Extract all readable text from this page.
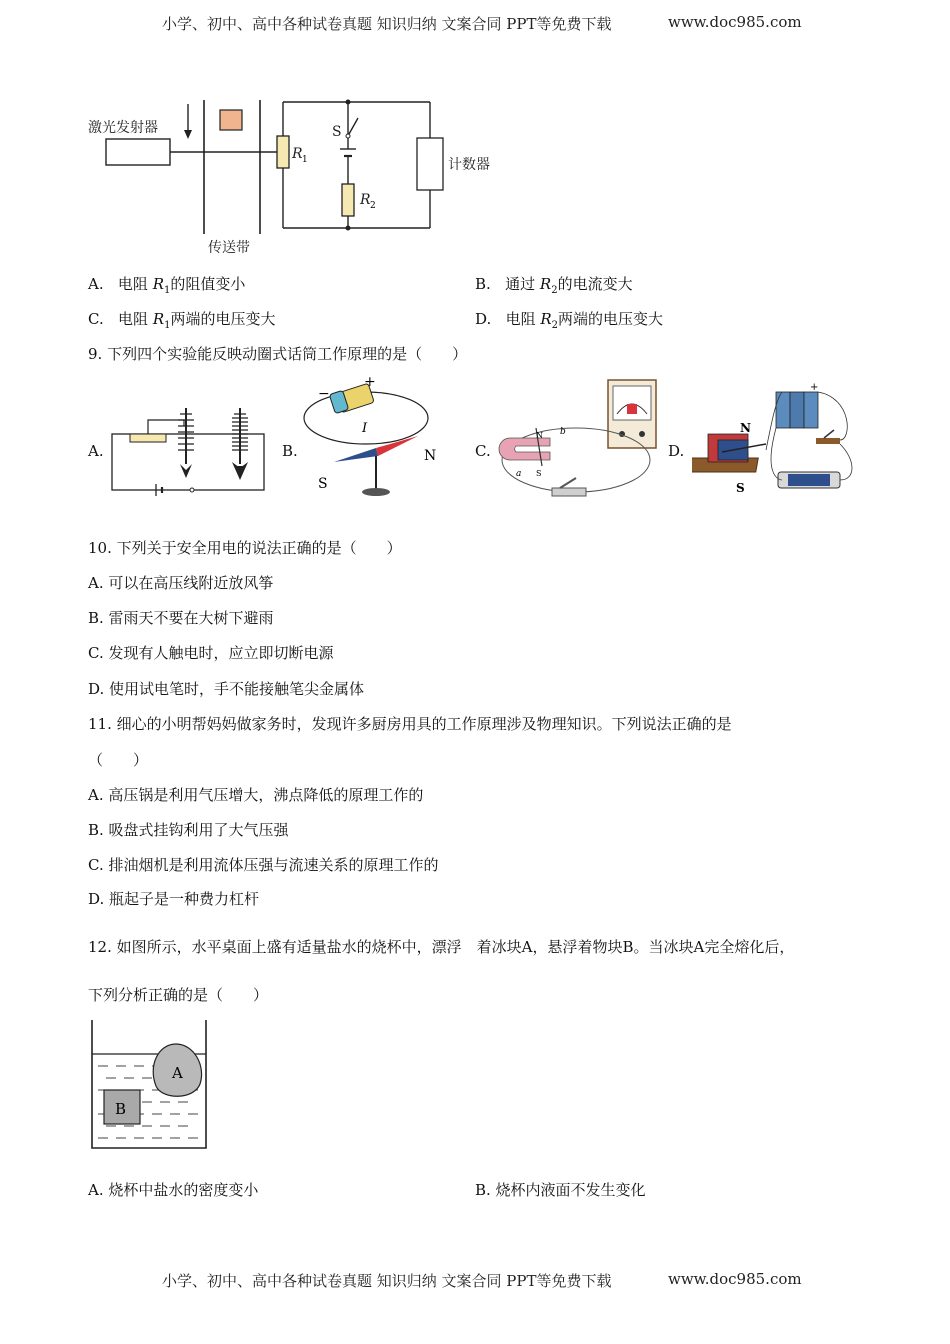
小学、初中、高中各种试卷真题 知识归纳 文案合同 PPT等免费下载	www.doc985.com
激光发射器
传送带
R 1
S
R 2
计数器
A. 电阻 $R_1$的阻值变小	B. 通过 $R_2$的电流变大
C. 电阻 $R_1$两端的电压变大	D. 电阻 $R_2$两端的电压变大
9. 下列四个实验能反映动圈式话筒工作原理的是（　　）
A.	B.
−
+
I
S
N	C.
N
S
a
b
D.
N
S
+
10. 下列关于安全用电的说法正确的是（　　）
A. 可以在高压线附近放风筝
B. 雷雨天不要在大树下避雨
C. 发现有人触电时，应立即切断电源
D. 使用试电笔时，手不能接触笔尖金属体
11. 细心的小明帮妈妈做家务时，发现许多厨房用具的工作原理涉及物理知识。下列说法正确的是
（　　）
A. 高压锅是利用气压增大，沸点降低的原理工作的
B. 吸盘式挂钩利用了大气压强
C. 排油烟机是利用流体压强与流速关系的原理工作的
D. 瓶起子是一种费力杠杆
12. 如图所示，水平桌面上盛有适量盐水的烧杯中，漂浮　着冰块A，悬浮着物块B。当冰块A完全熔化后，
下列分析正确的是（　　）
A
B
A. 烧杯中盐水的密度变小	B. 烧杯内液面不发生变化
小学、初中、高中各种试卷真题 知识归纳 文案合同 PPT等免费下载	www.doc985.com
